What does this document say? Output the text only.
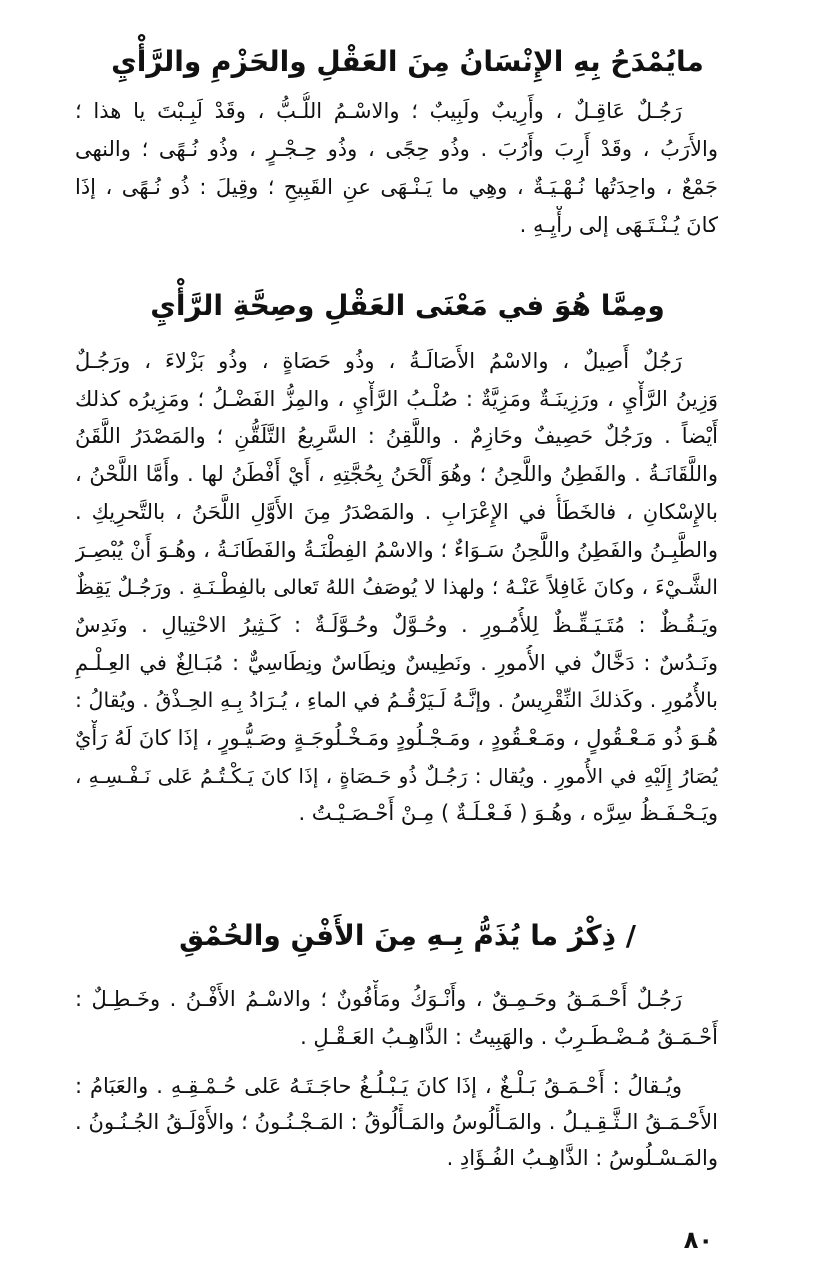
مايُمْدَحُ بِهِ الإِنْسَانُ مِنَ العَقْلِ والحَزْمِ والرَّأْيِ
رَجُـلٌ عَاقِـلٌ ، وأَرِيبٌ ولَبِيبٌ ؛ والاسْـمُ اللُّـبُّ ، وقَدْ لَبِـبْتَ يا هذا ؛
والأَرَبُ ، وقَدْ أَرِبَ وأَرُبَ . وذُو حِجًى ، وذُو حِـجْـرٍ ، وذُو نُـهًى ؛ والنهى
جَمْعٌ ، واحِدَتُها نُـهْـيَـةٌ ، وهِي ما يَـنْـهَى عنِ القَبِيحِ ؛ وقِيلَ : ذُو نُـهًى ، إذَا
كانَ يُـنْـتَـهَى إلى رأْيِـهِ .
ومِمَّا هُوَ في مَعْنَى العَقْلِ وصِحَّةِ الرَّأْيِ
رَجُلٌ أَصِيلٌ ، والاسْمُ الأَصَالَـةُ ، وذُو حَصَاةٍ ، وذُو بَزْلاءَ ، ورَجُـلٌ
وَزِينُ الرَّأْيِ ، ورَزِينَـةٌ ومَزِيَّةٌ : صُلْـبُ الرَّأْيِ ، والمِزُّ الفَضْـلُ ؛ ومَزِيرُه كذلك
أَيْضاً . ورَجُلٌ حَصِيفٌ وحَازِمٌ . واللَّقِنُ : السَّرِيعُ التَّلَقُّنِ ؛ والمَصْدَرُ اللَّقَنُ
واللَّقَانَـةُ . والفَطِنُ واللَّحِنُ ؛ وهُوَ أَلْحَنُ بِحُجَّتِهِ ، أَيْ أَفْطَنُ لها . وأَمَّا اللَّحْنُ ،
بالإِسْكانِ ، فالخَطَأُ في الإِعْرَابِ . والمَصْدَرُ مِنَ الأَوَّلِ اللَّحَنُ ، بالتَّحرِيكِ .
والطَّبِـنُ والفَطِنُ واللَّحِنُ سَـوَاءٌ ؛ والاسْمُ الفِطْنَـةُ والفَطَانَـةُ ، وهُـوَ أَنْ يُبْصِـرَ
الشَّـيْءَ ، وكانَ غَافِلاً عَنْـهُ ؛ ولهذا لا يُوصَفُ اللهُ تَعالى بالفِطْـنَـةِ . ورَجُـلٌ يَقِظٌ
ويَـقُـظٌ : مُتَـيَـقِّـظٌ لِلأُمُـورِ . وحُـوَّلٌ وحُـوَّلَـةٌ : كَـثِيرُ الاحْتِيالِ . ونَدِسٌ
ونَـدُسٌ : دَخَّالٌ في الأُمورِ . ونَطِيسٌ ونِطَاسٌ ونِطَاسِيٌّ : مُبَـالِغٌ في العِـلْـمِ
بالأُمُورِ . وكَذلكَ النِّقْرِيسُ . وإنَّـهُ لَـيَرْقُـمُ في الماءِ ، يُـرَادُ بِـهِ الحِـذْقُ . ويُقالُ :
هُـوَ ذُو مَـعْـقُولٍ ، ومَـعْـقُودٍ ، ومَـجْـلُودٍ ومَـخْـلُوجَـةٍ وصَـيُّـورٍ ، إذَا كانَ لَهُ رَأْيٌ
يُصَارُ إِلَيْهِ في الأُمورِ . ويُقال : رَجُـلٌ ذُو حَـصَاةٍ ، إذَا كانَ يَـكْـتُـمُ عَلى نَـفْـسِـهِ ،
ويَـحْـفَـظُ سِرَّه ، وهُـوَ ( فَـعْـلَـةٌ ) مِـنْ أَحْـصَـيْـتُ .
/ ذِكْرُ ما يُذَمُّ بِـهِ مِنَ الأَفْنِ والحُمْقِ
رَجُـلٌ أَحْـمَـقُ وحَـمِـقٌ ، وأَنْـوَكُ ومَأْفُونٌ ؛ والاسْـمُ الأَفْـنُ . وخَـطِـلٌ :
أَحْـمَـقُ مُـضْـطَـرِبٌ . والهَبِيتُ : الذَّاهِـبُ العَـقْـلِ .
ويُـقالُ : أَحْـمَـقُ بَـلْـغٌ ، إذَا كانَ يَـبْـلُـغُ حاجَـتَـهُ عَلى حُـمْـقِـهِ . والعَبَامُ :
الأَحْـمَـقُ الـثَّـقِـيـلُ . والمَـأْلُوسُ والمَـأْلُوقُ : المَـجْـنُـونُ ؛ والأَوْلَـقُ الجُـنُـونُ .
والمَـسْـلُوسُ : الذَّاهِـبُ الفُـؤَادِ .
٨٠
